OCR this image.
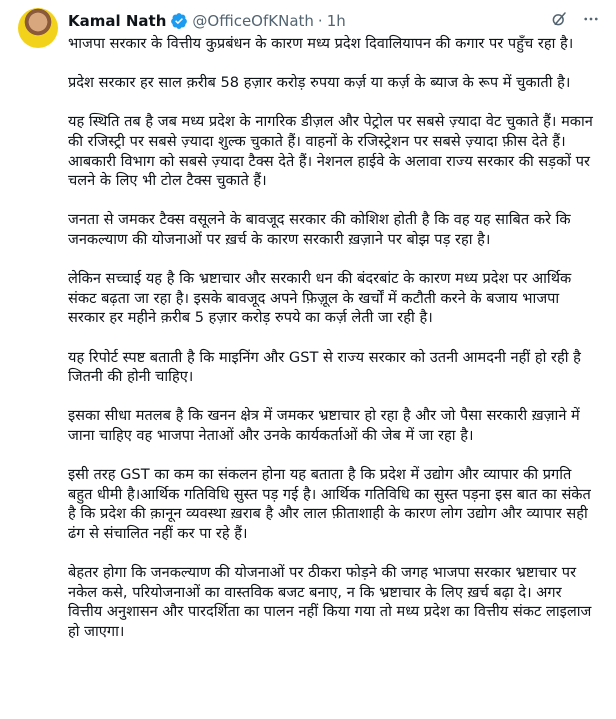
Kamal Nath @OfficeOfKNath · 1h

भाजपा सरकार के वित्तीय कुप्रबंधन के कारण मध्य प्रदेश दिवालियापन की कगार पर पहुँच रहा है।

प्रदेश सरकार हर साल क़रीब 58 हज़ार करोड़ रुपया कर्ज़ या कर्ज़ के ब्याज के रूप में चुकाती है।

यह स्थिति तब है जब मध्य प्रदेश के नागरिक डीज़ल और पेट्रोल पर सबसे ज़्यादा वेट चुकाते हैं। मकान की रजिस्ट्री पर सबसे ज़्यादा शुल्क चुकाते हैं। वाहनों के रजिस्ट्रेशन पर सबसे ज़्यादा फ़ीस देते हैं। आबकारी विभाग को सबसे ज़्यादा टैक्स देते हैं। नेशनल हाईवे के अलावा राज्य सरकार की सड़कों पर चलने के लिए भी टोल टैक्स चुकाते हैं।

जनता से जमकर टैक्स वसूलने के बावजूद सरकार की कोशिश होती है कि वह यह साबित करे कि जनकल्याण की योजनाओं पर ख़र्च के कारण सरकारी ख़ज़ाने पर बोझ पड़ रहा है।

लेकिन सच्चाई यह है कि भ्रष्टाचार और सरकारी धन की बंदरबांट के कारण मध्य प्रदेश पर आर्थिक संकट बढ़ता जा रहा है। इसके बावजूद अपने फ़िज़ूल के खर्चों में कटौती करने के बजाय भाजपा सरकार हर महीने क़रीब 5 हज़ार करोड़ रुपये का कर्ज़ लेती जा रही है।

यह रिपोर्ट स्पष्ट बताती है कि माइनिंग और GST से राज्य सरकार को उतनी आमदनी नहीं हो रही है जितनी की होनी चाहिए।

इसका सीधा मतलब है कि खनन क्षेत्र में जमकर भ्रष्टाचार हो रहा है और जो पैसा सरकारी ख़ज़ाने में जाना चाहिए वह भाजपा नेताओं और उनके कार्यकर्ताओं की जेब में जा रहा है।

इसी तरह GST का कम का संकलन होना यह बताता है कि प्रदेश में उद्योग और व्यापार की प्रगति बहुत धीमी है।आर्थिक गतिविधि सुस्त पड़ गई है। आर्थिक गतिविधि का सुस्त पड़ना इस बात का संकेत है कि प्रदेश की क़ानून व्यवस्था ख़राब है और लाल फ़ीताशाही के कारण लोग उद्योग और व्यापार सही ढंग से संचालित नहीं कर पा रहे हैं।

बेहतर होगा कि जनकल्याण की योजनाओं पर ठीकरा फोड़ने की जगह भाजपा सरकार भ्रष्टाचार पर नकेल कसे, परियोजनाओं का वास्तविक बजट बनाए, न कि भ्रष्टाचार के लिए ख़र्च बढ़ा दे। अगर वित्तीय अनुशासन और पारदर्शिता का पालन नहीं किया गया तो मध्य प्रदेश का वित्तीय संकट लाइलाज हो जाएगा।
